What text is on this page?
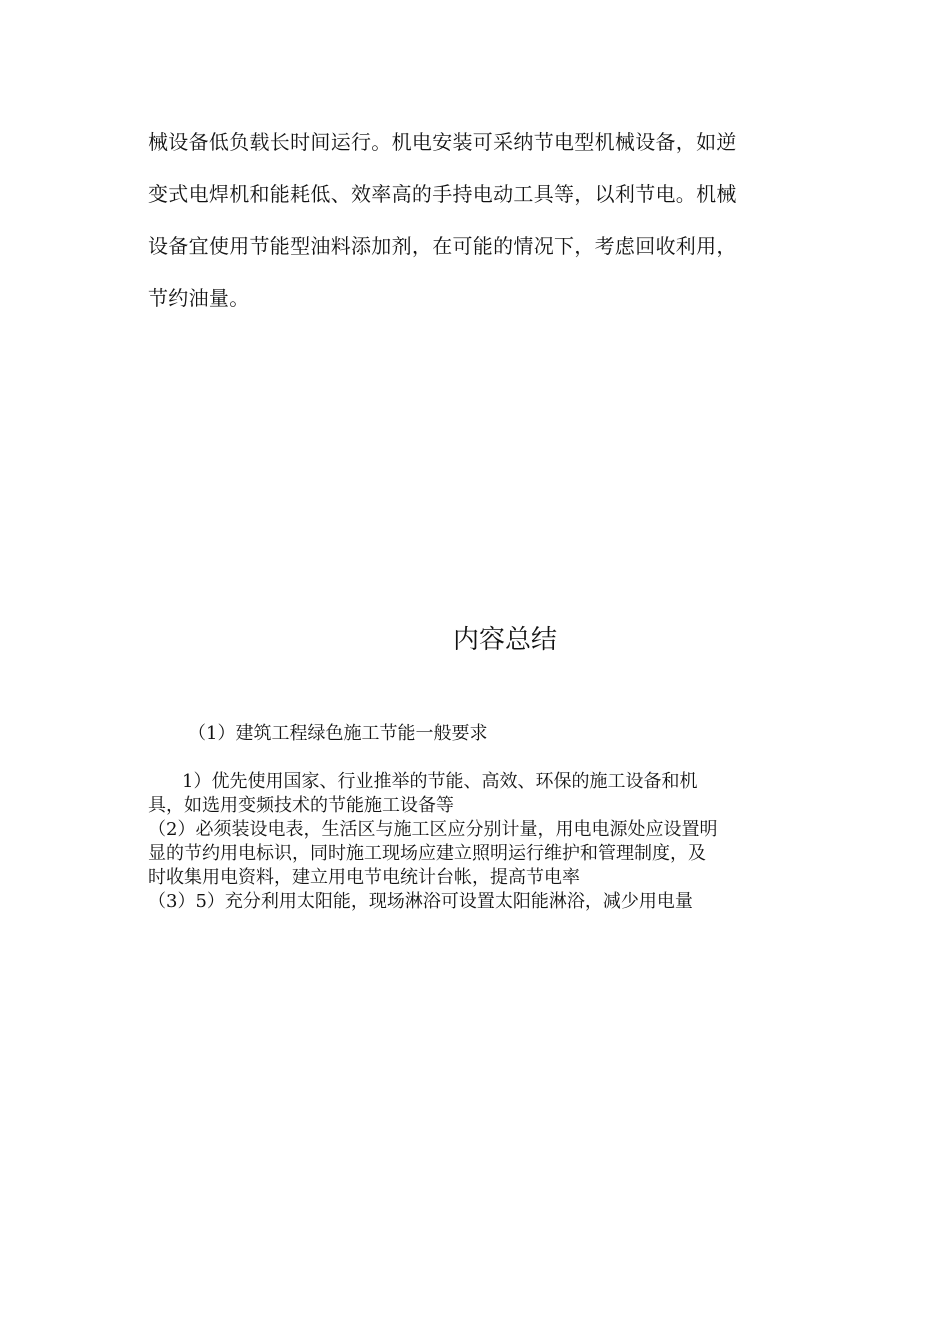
械设备低负载长时间运行。机电安装可采纳节电型机械设备，如逆
变式电焊机和能耗低、效率高的手持电动工具等，以利节电。机械
设备宜使用节能型油料添加剂，在可能的情况下，考虑回收利用，
节约油量。
内容总结

（1）建筑工程绿色施工节能一般要求

1）优先使用国家、行业推举的节能、高效、环保的施工设备和机
具，如选用变频技术的节能施工设备等
（2）必须装设电表，生活区与施工区应分别计量，用电电源处应设置明
显的节约用电标识，同时施工现场应建立照明运行维护和管理制度，及
时收集用电资料，建立用电节电统计台帐，提高节电率
（3）5）充分利用太阳能，现场淋浴可设置太阳能淋浴，减少用电量
